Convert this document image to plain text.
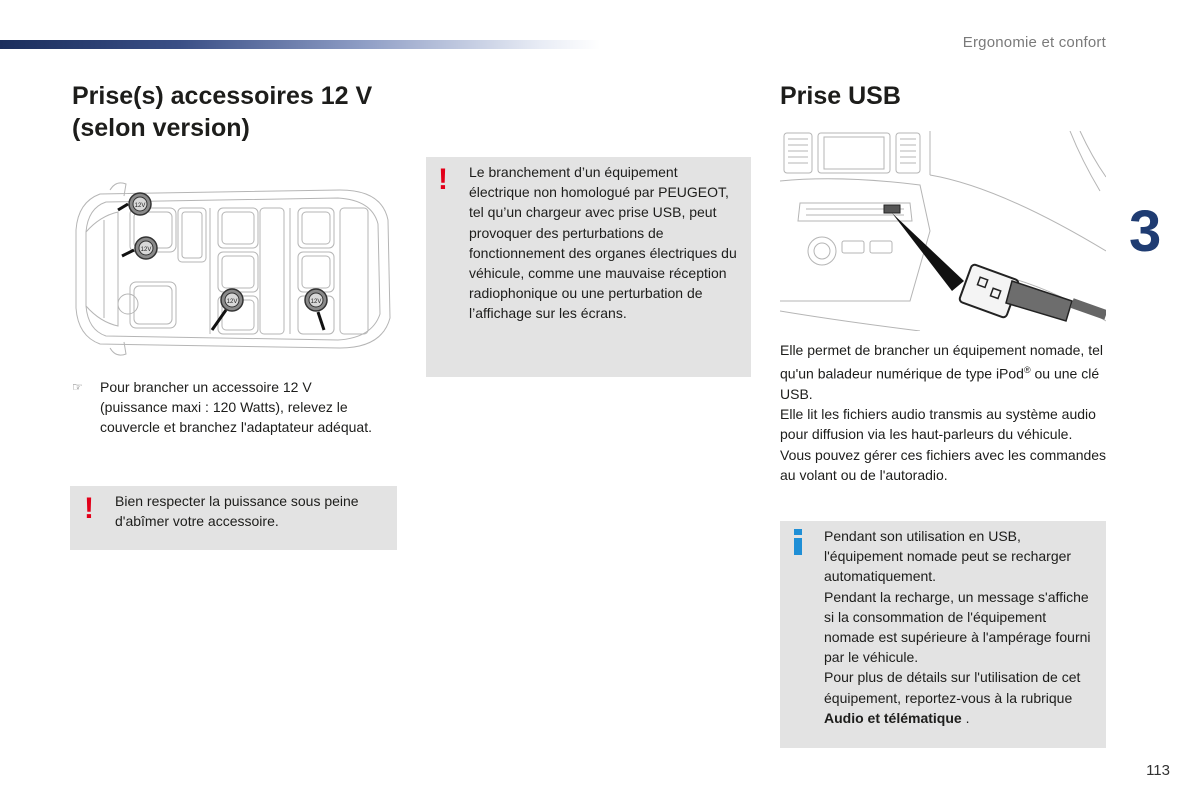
Ergonomie et confort
3
Prise(s) accessoires 12 V
(selon version)
12V
12V
12V	12V
☞ Pour brancher un accessoire 12 V (puissance maxi : 120 Watts), relevez le couvercle et branchez l'adaptateur adéquat.
! Bien respecter la puissance sous peine d'abîmer votre accessoire.
! Le branchement d’un équipement électrique non homologué par PEUGEOT, tel qu’un chargeur avec prise USB, peut provoquer des perturbations de fonctionnement des organes électriques du véhicule, comme une mauvaise réception radiophonique ou une perturbation de l’affichage sur les écrans.
Prise USB

Elle permet de brancher un équipement nomade, tel qu'un baladeur numérique de type iPod® ou une clé USB.

Elle lit les fichiers audio transmis au système audio pour diffusion via les haut-parleurs du véhicule.

Vous pouvez gérer ces fichiers avec les commandes au volant ou de l'autoradio.

Pendant son utilisation en USB, l'équipement nomade peut se recharger automatiquement.

Pendant la recharge, un message s'affiche si la consommation de l'équipement nomade est supérieure à l'ampérage fourni par le véhicule.

Pour plus de détails sur l'utilisation de cet équipement, reportez-vous à la rubrique Audio et télématique .

113
